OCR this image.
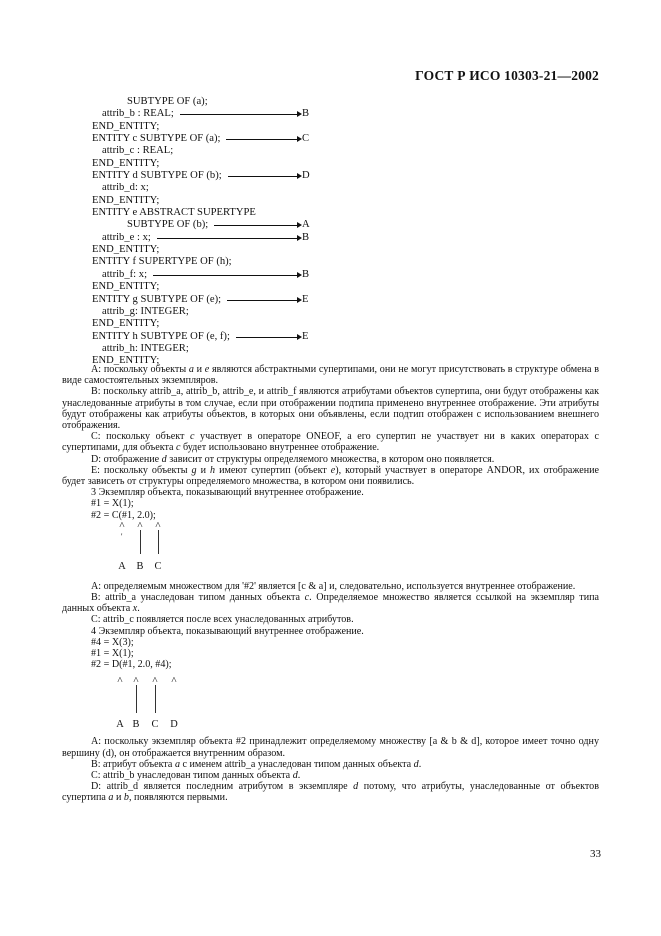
ГОСТ Р ИСО 10303-21—2002
SUBTYPE OF (a);
attrib_b : REAL;	B
END_ENTITY;
ENTITY c SUBTYPE OF (a);	C
attrib_c : REAL;
END_ENTITY;
ENTITY d SUBTYPE OF (b);	D
attrib_d: x;
END_ENTITY;
ENTITY e ABSTRACT SUPERTYPE
SUBTYPE OF (b);	A
attrib_e : x;	B
END_ENTITY;
ENTITY f SUPERTYPE OF (h);
attrib_f: x;	B
END_ENTITY;
ENTITY g SUBTYPE OF (e);	E
attrib_g: INTEGER;
END_ENTITY;
ENTITY h SUBTYPE OF (e, f);	E
attrib_h: INTEGER;
END_ENTITY;

A: поскольку объекты a и e являются абстрактными супертипами, они не могут присутствовать в структуре обмена в виде самостоятельных экземпляров.

B: поскольку attrib_a, attrib_b, attrib_e, и attrib_f являются атрибутами объектов супертипа, они будут отображены как унаследованные атрибуты в том случае, если при отображении подтипа применено внутреннее отображение. Эти атрибуты будут отображены как атрибуты объектов, в которых они объявлены, если подтип отображен с использованием внешнего отображения.

C: поскольку объект c участвует в операторе ONEOF, а его супертип не участвует ни в каких операторах с супертипами, для объекта c будет использовано внутреннее отображение.

D: отображение d зависит от структуры определяемого множества, в котором оно появляется.

E: поскольку объекты g и h имеют супертип (объект e), который участвует в операторе ANDOR, их отображение будет зависеть от структуры определяемого множества, в котором они появились.

3 Экземпляр объекта, показывающий внутреннее отображение.

#1 = X(1);

#2 = C(#1, 2.0);

^
A
'
^
B
^
C

A: определяемым множеством для '#2' является [c & a] и, следовательно, используется внутреннее отображение.

B: attrib_a унаследован типом данных объекта c. Определяемое множество является ссылкой на экземпляр типа данных объекта x.

C: attrib_c появляется после всех унаследованных атрибутов.

4 Экземпляр объекта, показывающий внутреннее отображение.

#4 = X(3);

#1 = X(1);

#2 = D(#1, 2.0, #4);

^
A
^
B
^
C
^
D

A: поскольку экземпляр объекта #2 принадлежит определяемому множеству [a & b & d], которое имеет точно одну вершину (d), он отображается внутренним образом.

B: атрибут объекта a с именем attrib_a унаследован типом данных объекта d.

C: attrib_b унаследован типом данных объекта d.

D: attrib_d является последним атрибутом в экземпляре d потому, что атрибуты, унаследованные от объектов супертипа a и b, появляются первыми.

33
